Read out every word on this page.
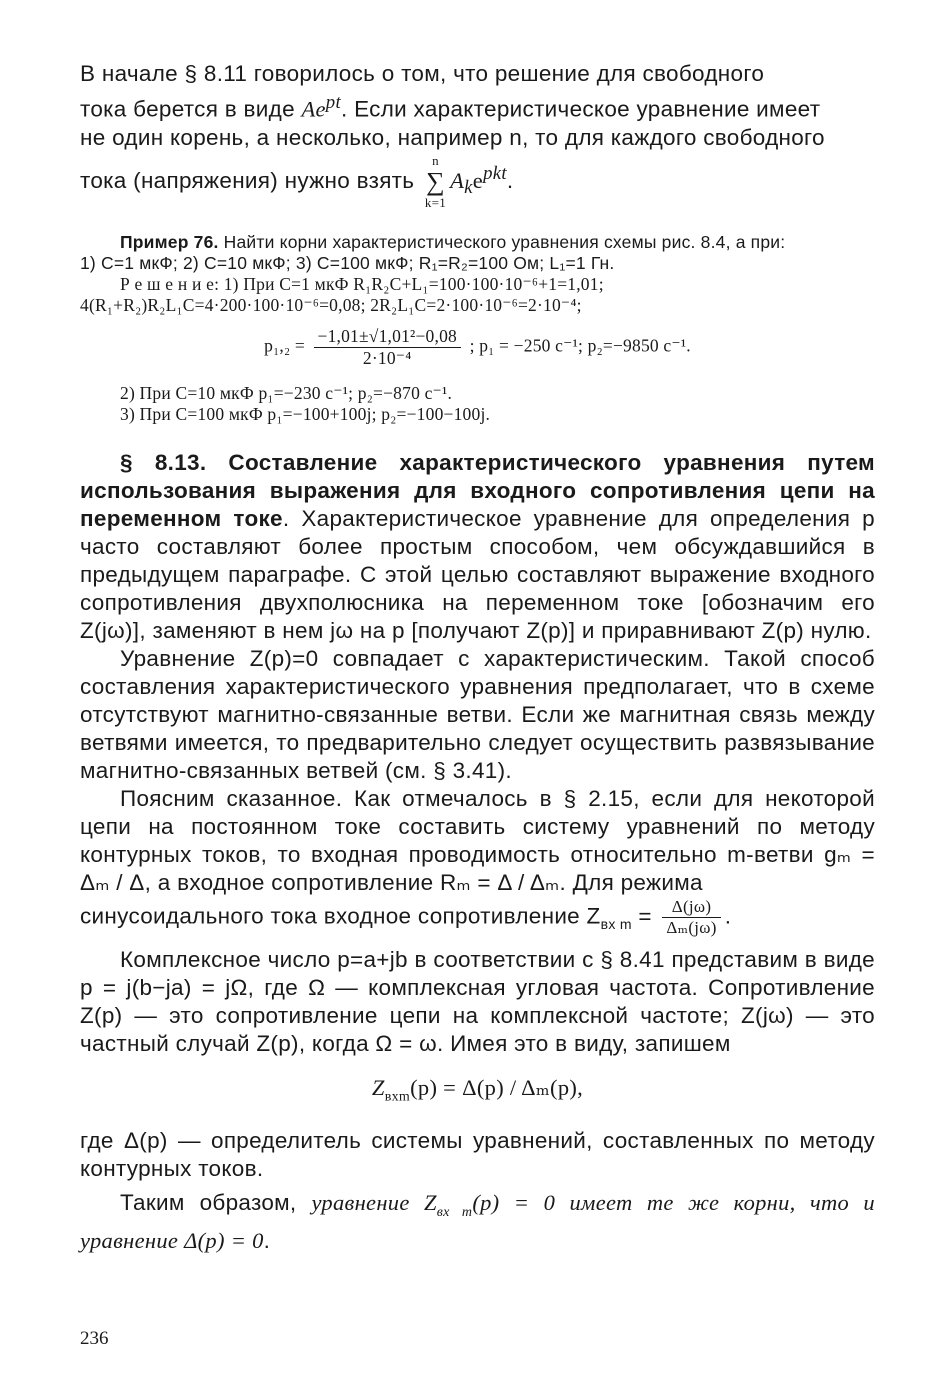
В начале § 8.11 говорилось о том, что решение для свободного

тока берется в виде $Ae^{pt}$. Если характеристическое уравнение имеет

не один корень, а несколько, например n, то для каждого свободного

тока (напряжения) нужно взять
n
∑
k=1
$A_ke^{pkt}$.

Пример 76. Найти корни характеристического уравнения схемы рис. 8.4, а при:

1) C=1 мкФ; 2) C=10 мкФ; 3) C=100 мкФ; R₁=R₂=100 Ом; L₁=1 Гн.

Р е ш е н и е: 1) При C=1 мкФ R₁R₂C+L₁=100·100·10⁻⁶+1=1,01;

4(R₁+R₂)R₂L₁C=4·200·100·10⁻⁶=0,08; 2R₂L₁C=2·100·10⁻⁶=2·10⁻⁴;

$p_1,_2 = \frac{\text{−1,01±√1,01²−0,08}}{\text{2·10⁻⁴}}$ ; p₁ = −250 с⁻¹; p₂=−9850 с⁻¹.

2) При C=10 мкФ p₁=−230 с⁻¹; p₂=−870 с⁻¹.

3) При C=100 мкФ p₁=−100+100j; p₂=−100−100j.

§ 8.13. Составление характеристического уравнения путем использования выражения для входного сопротивления цепи на переменном токе. Характеристическое уравнение для определения p часто составляют более простым способом, чем обсуждавшийся в предыдущем параграфе. С этой целью составляют выражение входного сопротивления двухполюсника на переменном токе [обозначим его Z(jω)], заменяют в нем jω на p [получают Z(p)] и приравнивают Z(p) нулю.

Уравнение Z(p)=0 совпадает с характеристическим. Такой способ составления характеристического уравнения предполагает, что в схеме отсутствуют магнитно-связанные ветви. Если же магнитная связь между ветвями имеется, то предварительно следует осуществить развязывание магнитно-связанных ветвей (см. § 3.41).

Поясним сказанное. Как отмечалось в § 2.15, если для некоторой цепи на постоянном токе составить систему уравнений по методу контурных токов, то входная проводимость относительно m-ветви gₘ = Δₘ / Δ, а входное сопротивление Rₘ = Δ / Δₘ. Для режима

синусоидального тока входное сопротивление $Z_{вх m} = \frac{\Delta(j\omega)}{\text{Δₘ(jω)}}$ .

Комплексное число p=a+jb в соответствии с § 8.41 представим в виде p = j(b−ja) = jΩ, где Ω — комплексная угловая частота. Сопротивление Z(p) — это сопротивление цепи на комплексной частоте; Z(jω) — это частный случай Z(p), когда Ω = ω. Имея это в виду, запишем

$Z_{вхm}(p) = \Delta(p) / \Delta_m(p)$,

где Δ(p) — определитель системы уравнений, составленных по методу контурных токов.

Таким образом, уравнение $Z_{вх m}(p) = 0$ имеет те же корни, что и уравнение Δ(p) = 0.

236
